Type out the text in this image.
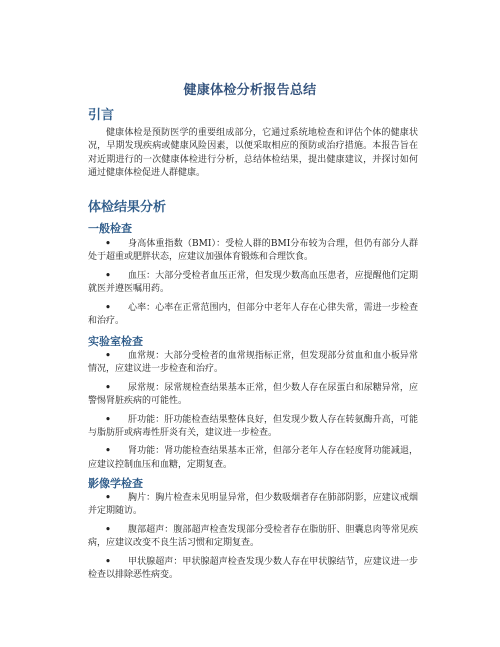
健康体检分析报告总结
引言
健康体检是预防医学的重要组成部分，它通过系统地检查和评估个体的健康状况，早期发现疾病或健康风险因素，以便采取相应的预防或治疗措施。本报告旨在对近期进行的一次健康体检进行分析，总结体检结果，提出健康建议，并探讨如何通过健康体检促进人群健康。
体检结果分析
一般检查
• 身高体重指数（BMI）：受检人群的BMI分布较为合理，但仍有部分人群处于超重或肥胖状态，应建议加强体育锻炼和合理饮食。
• 血压：大部分受检者血压正常，但发现少数高血压患者，应提醒他们定期就医并遵医嘱用药。
• 心率：心率在正常范围内，但部分中老年人存在心律失常，需进一步检查和治疗。
实验室检查
• 血常规：大部分受检者的血常规指标正常，但发现部分贫血和血小板异常情况，应建议进一步检查和治疗。
• 尿常规：尿常规检查结果基本正常，但少数人存在尿蛋白和尿糖异常，应警惕肾脏疾病的可能性。
• 肝功能：肝功能检查结果整体良好，但发现少数人存在转氨酶升高，可能与脂肪肝或病毒性肝炎有关，建议进一步检查。
• 肾功能：肾功能检查结果基本正常，但部分老年人存在轻度肾功能减退，应建议控制血压和血糖，定期复查。
影像学检查
• 胸片：胸片检查未见明显异常，但少数吸烟者存在肺部阴影，应建议戒烟并定期随访。
• 腹部超声：腹部超声检查发现部分受检者存在脂肪肝、胆囊息肉等常见疾病，应建议改变不良生活习惯和定期复查。
• 甲状腺超声：甲状腺超声检查发现少数人存在甲状腺结节，应建议进一步检查以排除恶性病变。
